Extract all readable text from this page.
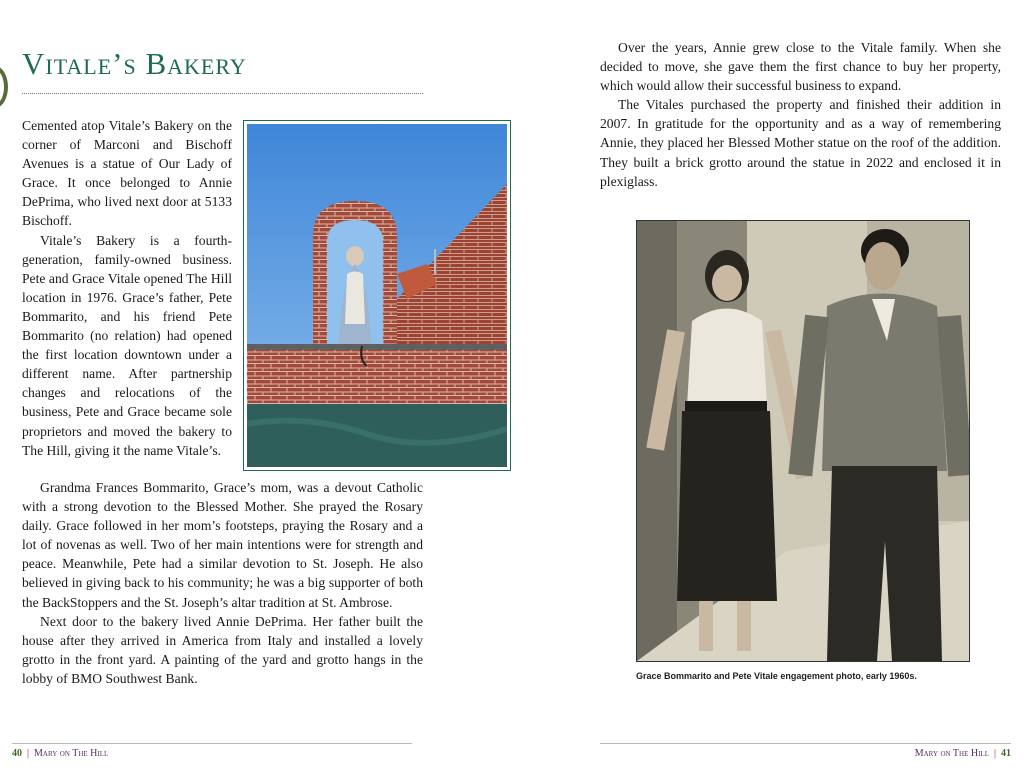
Vitale’s Bakery

Cemented atop Vitale’s Bakery on the corner of Marconi and Bischoff Avenues is a statue of Our Lady of Grace. It once belonged to Annie DePrima, who lived next door at 5133 Bischoff.

Vitale’s Bakery is a fourth-generation, family-owned business. Pete and Grace Vitale opened The Hill location in 1976. Grace’s father, Pete Bommarito, and his friend Pete Bommarito (no relation) had opened the first location downtown under a different name. After partnership changes and relocations of the business, Pete and Grace became sole proprietors and moved the bakery to The Hill, giving it the name Vitale’s.

Grandma Frances Bommarito, Grace’s mom, was a devout Catholic with a strong devotion to the Blessed Mother. She prayed the Rosary daily. Grace followed in her mom’s footsteps, praying the Rosary and a lot of novenas as well. Two of her main intentions were for strength and peace. Meanwhile, Pete had a similar devotion to St. Joseph. He also believed in giving back to his community; he was a big supporter of both the BackStoppers and the St. Joseph’s altar tradition at St. Ambrose.

Next door to the bakery lived Annie DePrima. Her father built the house after they arrived in America from Italy and installed a lovely grotto in the front yard. A painting of the yard and grotto hangs in the lobby of BMO Southwest Bank.

40 | Mary on The Hill

Over the years, Annie grew close to the Vitale family. When she decided to move, she gave them the first chance to buy her property, which would allow their successful business to expand.

The Vitales purchased the property and finished their addition in 2007. In gratitude for the opportunity and as a way of remembering Annie, they placed her Blessed Mother statue on the roof of the addition. They built a brick grotto around the statue in 2022 and enclosed it in plexiglass.

Grace Bommarito and Pete Vitale engagement photo, early 1960s.
Mary on The Hill | 41
